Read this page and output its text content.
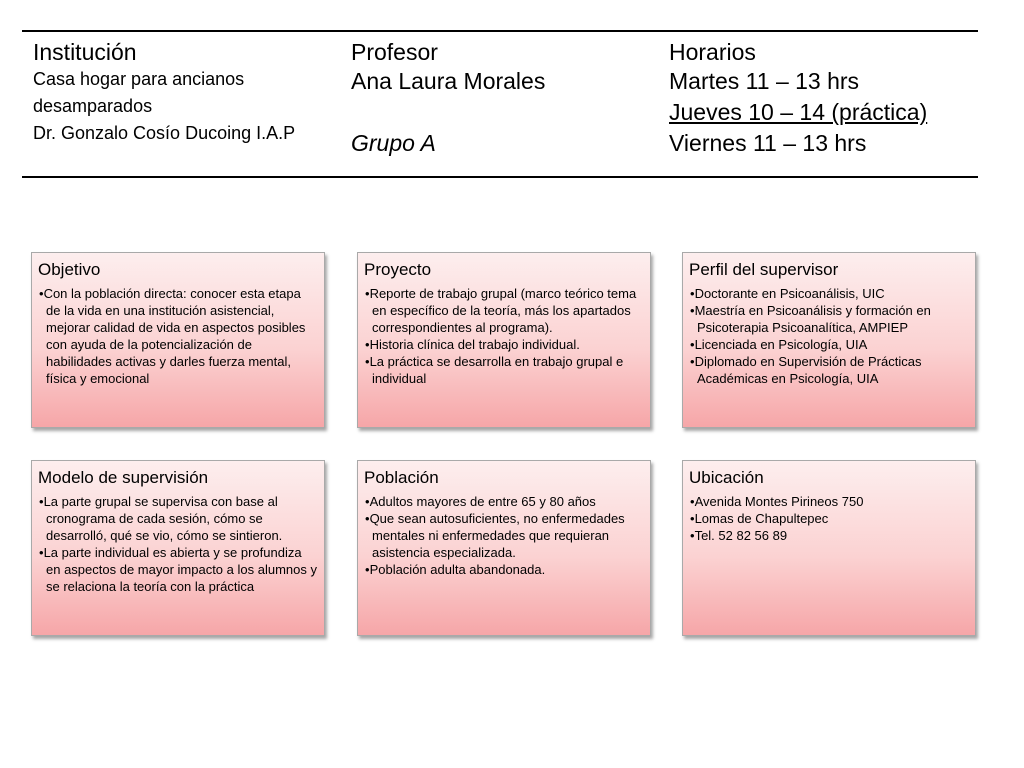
Institución
Casa hogar para ancianos
desamparados
Dr. Gonzalo Cosío Ducoing I.A.P
Profesor
Ana Laura Morales
Grupo A
Horarios
Martes 11 – 13 hrs
Jueves 10 – 14 (práctica)
Viernes 11 – 13 hrs
Objetivo
• Con la población directa: conocer esta etapa de la vida en una institución asistencial, mejorar calidad de vida en aspectos posibles con ayuda de la potencialización de habilidades activas y darles fuerza mental, física y emocional
Proyecto
• Reporte de trabajo grupal (marco teórico tema en específico de la teoría, más los apartados correspondientes al programa).
• Historia clínica del trabajo individual.
• La práctica se desarrolla en trabajo grupal e individual
Perfil del supervisor
• Doctorante en Psicoanálisis, UIC
• Maestría en Psicoanálisis y formación en Psicoterapia Psicoanalítica, AMPIEP
• Licenciada en Psicología, UIA
• Diplomado en Supervisión de Prácticas Académicas en Psicología, UIA
Modelo de supervisión
• La parte grupal se supervisa con base al cronograma de cada sesión, cómo se desarrolló, qué se vio, cómo se sintieron.
• La parte individual es abierta y se profundiza en aspectos de mayor impacto a los alumnos y se relaciona la teoría con la práctica
Población
• Adultos mayores de entre 65 y 80 años
• Que sean autosuficientes, no enfermedades mentales ni enfermedades que requieran asistencia especializada.
• Población adulta abandonada.
Ubicación
• Avenida Montes Pirineos 750
• Lomas de Chapultepec
• Tel. 52 82 56 89
